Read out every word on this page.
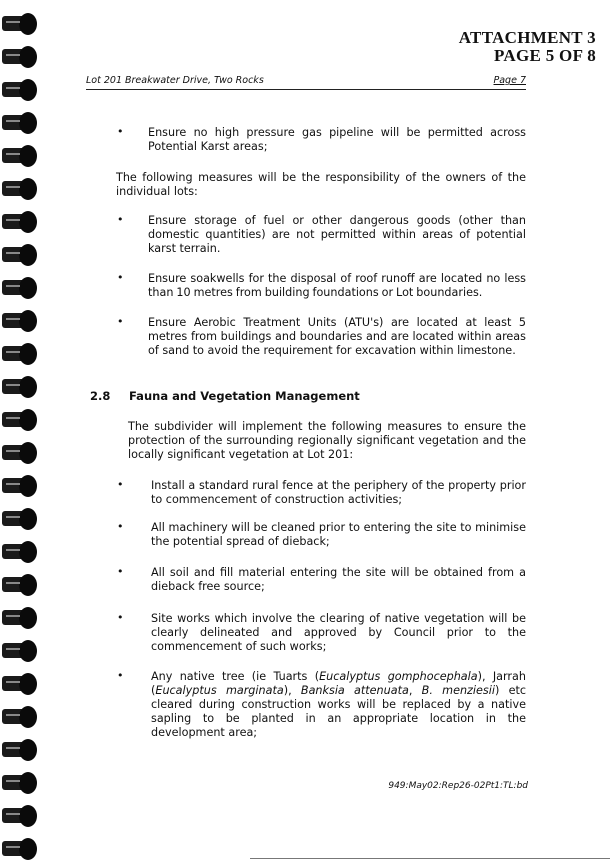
ATTACHMENT 3
PAGE 5 OF 8
Lot 201 Breakwater Drive, Two Rocks	Page 7
• Ensure no high pressure gas pipeline will be permitted across Potential Karst areas;

The following measures will be the responsibility of the owners of the individual lots:

• Ensure storage of fuel or other dangerous goods (other than domestic quantities) are not permitted within areas of potential karst terrain.

• Ensure soakwells for the disposal of roof runoff are located no less than 10 metres from building foundations or Lot boundaries.

• Ensure Aerobic Treatment Units (ATU's) are located at least 5 metres from buildings and boundaries and are located within areas of sand to avoid the requirement for excavation within limestone.

2.8 Fauna and Vegetation Management

The subdivider will implement the following measures to ensure the protection of the surrounding regionally significant vegetation and the locally significant vegetation at Lot 201:

• Install a standard rural fence at the periphery of the property prior to commencement of construction activities;

• All machinery will be cleaned prior to entering the site to minimise the potential spread of dieback;

• All soil and fill material entering the site will be obtained from a dieback free source;

• Site works which involve the clearing of native vegetation will be clearly delineated and approved by Council prior to the commencement of such works;

• Any native tree (ie Tuarts (Eucalyptus gomphocephala), Jarrah (Eucalyptus marginata), Banksia attenuata, B. menziesii) etc cleared during construction works will be replaced by a native sapling to be planted in an appropriate location in the development area;

949:May02:Rep26-02Pt1:TL:bd
